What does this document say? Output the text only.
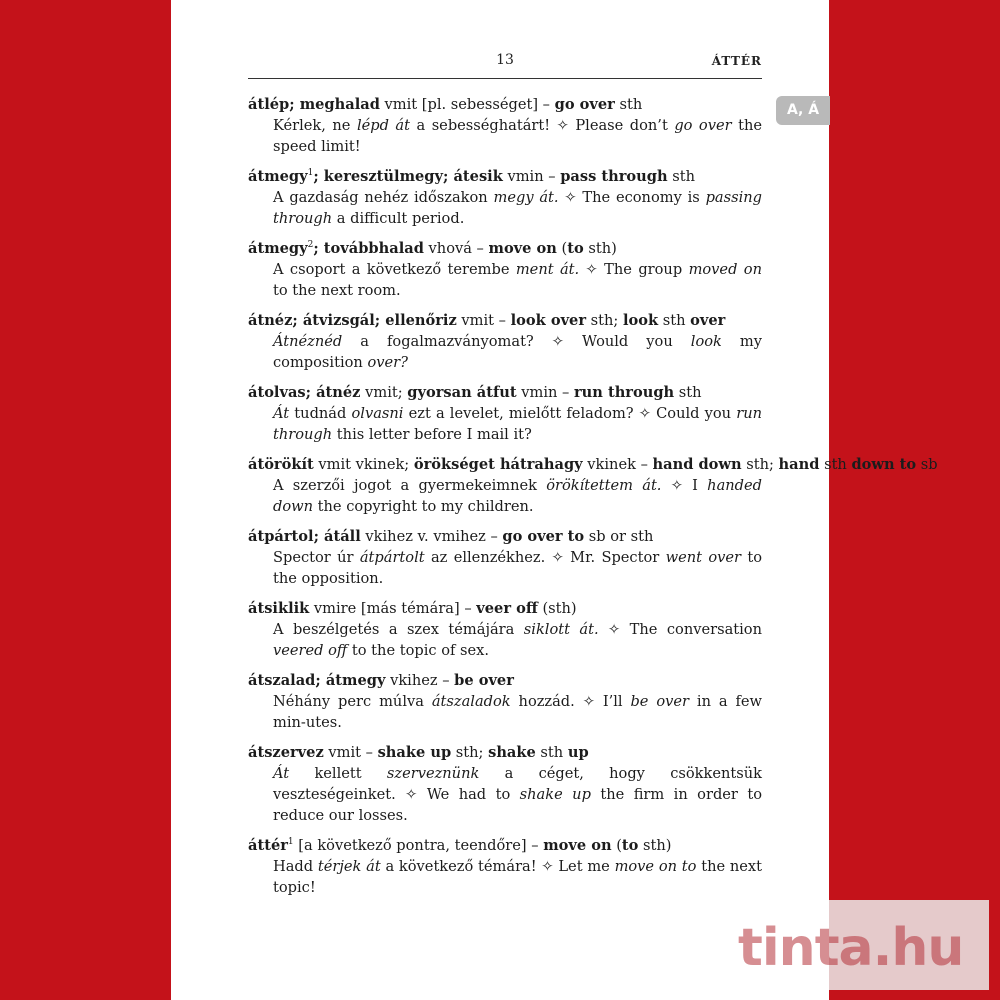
13	ÁTTÉR
A, Á
átlép; meghalad vmit [pl. sebességet] – go over sth
Kérlek, ne lépd át a sebességhatárt! ✧ Please don’t go over the speed limit!
átmegy$^1$; keresztülmegy; átesik vmin – pass through sth
A gazdaság nehéz időszakon megy át. ✧ The economy is passing through a difficult period.
átmegy$^2$; továbbhalad vhová – move on (to sth)
A csoport a következő terembe ment át. ✧ The group moved on to the next room.
átnéz; átvizsgál; ellenőriz vmit – look over sth; look sth over
Átnéznéd a fogalmazványomat? ✧ Would you look my composition over?
átolvas; átnéz vmit; gyorsan átfut vmin – run through sth
Át tudnád olvasni ezt a levelet, mielőtt feladom? ✧ Could you run through this letter before I mail it?
átörökít vmit vkinek; örökséget hátrahagy vkinek – hand down sth; hand sth down to sb
A szerzői jogot a gyermekeimnek örökítettem át. ✧ I handed down the copyright to my children.
átpártol; átáll vkihez v. vmihez – go over to sb or sth
Spector úr átpártolt az ellenzékhez. ✧ Mr. Spector went over to the opposition.
átsiklik vmire [más témára] – veer off (sth)
A beszélgetés a szex témájára siklott át. ✧ The conversation veered off to the topic of sex.
átszalad; átmegy vkihez – be over
Néhány perc múlva átszaladok hozzád. ✧ I’ll be over in a few min-utes.
átszervez vmit – shake up sth; shake sth up
Át kellett szerveznünk a céget, hogy csökkentsük veszteségeinket. ✧ We had to shake up the firm in order to reduce our losses.
áttér$^1$ [a következő pontra, teendőre] – move on (to sth)
Hadd térjek át a következő témára! ✧ Let me move on to the next topic!
tinta.hu
